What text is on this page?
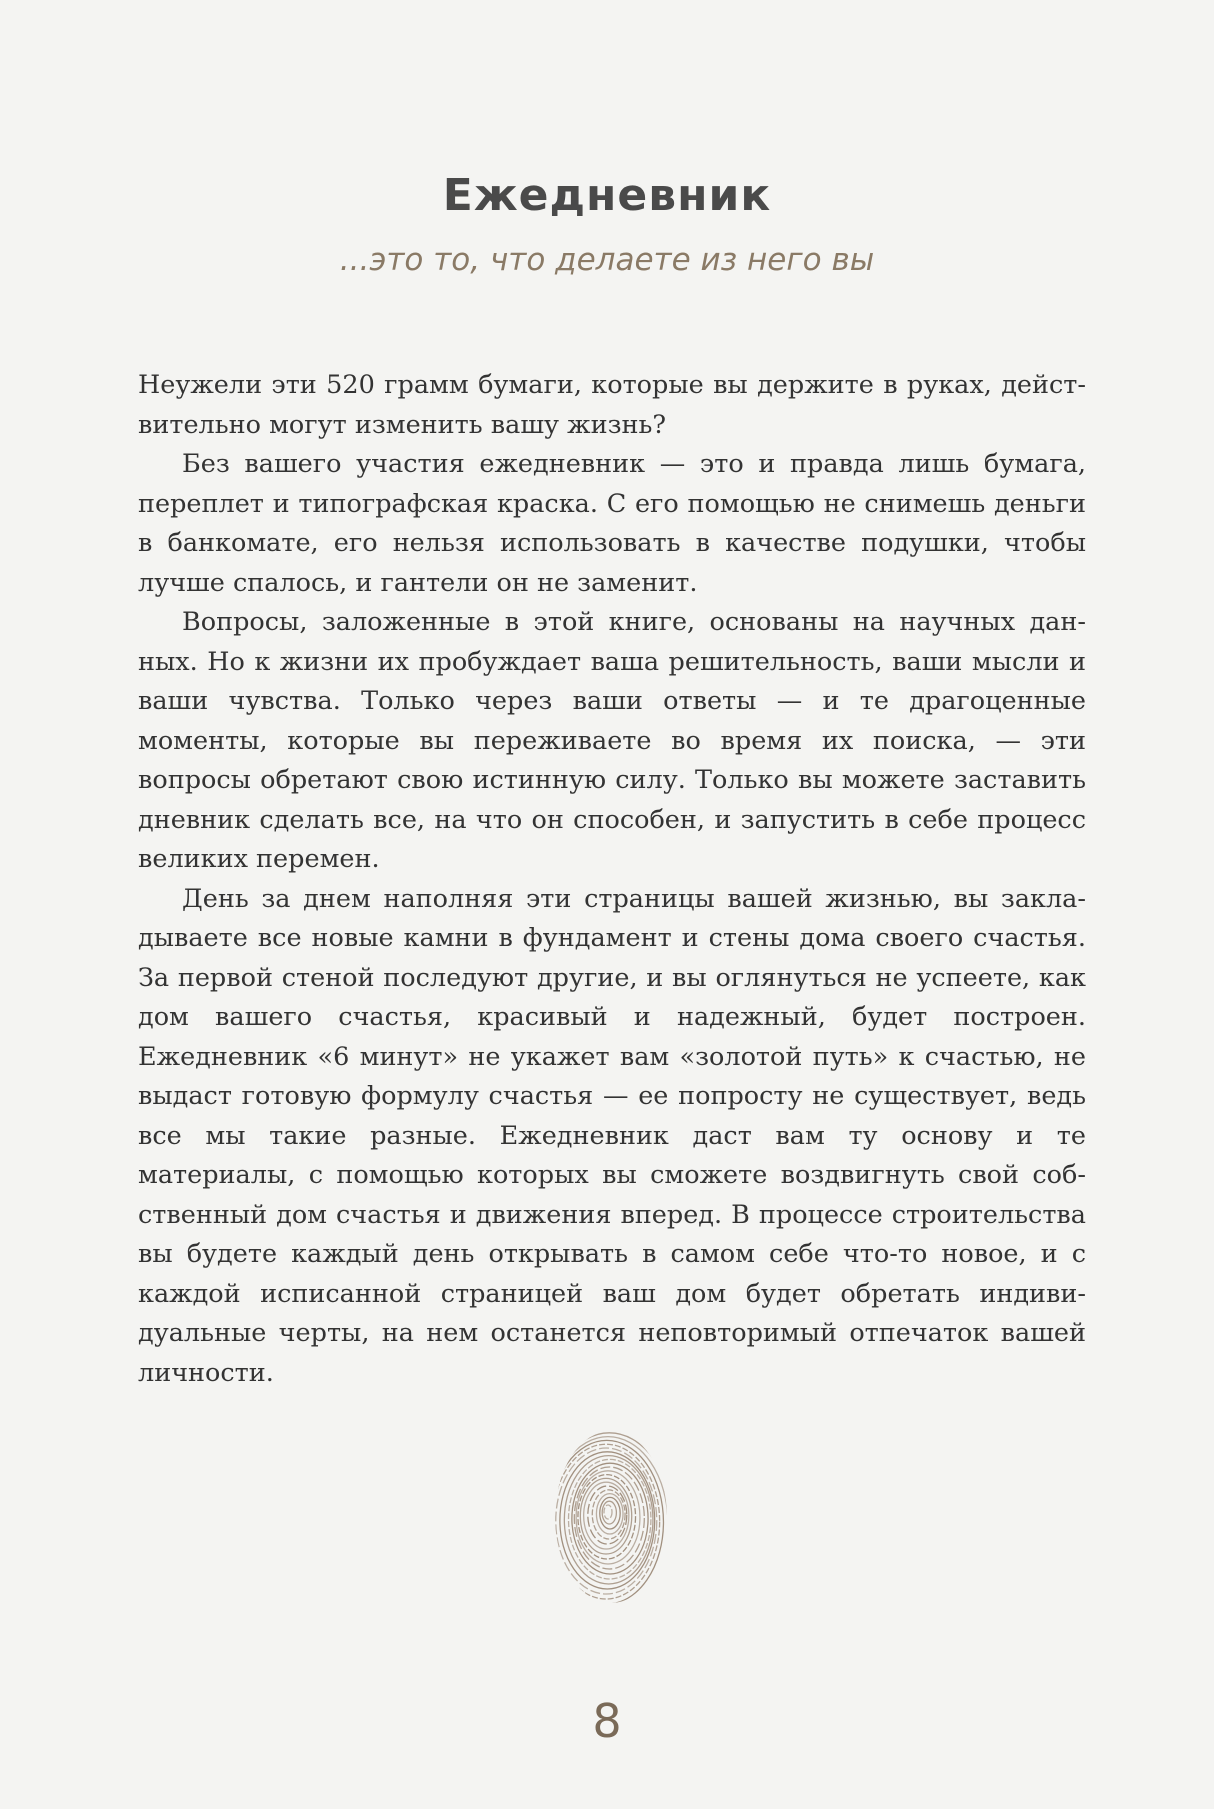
Ежедневник
...это то, что делаете из него вы

Неужели эти 520 грамм бумаги, которые вы держите в руках, действительно могут изменить вашу жизнь?

Без вашего участия ежедневник — это и правда лишь бумага, переплет и типографская краска. С его помощью не снимешь деньги в банкомате, его нельзя использовать в качестве подушки, чтобы лучше спалось, и гантели он не заменит.

Вопросы, заложенные в этой книге, основаны на научных данных. Но к жизни их пробуждает ваша решительность, ваши мысли и ваши чувства. Только через ваши ответы — и те драгоценные моменты, которые вы переживаете во время их поиска, — эти вопросы обретают свою истинную силу. Только вы можете заставить дневник сделать все, на что он способен, и запустить в себе процесс великих перемен.

День за днем наполняя эти страницы вашей жизнью, вы закладываете все новые камни в фундамент и стены дома своего счастья. За первой стеной последуют другие, и вы оглянуться не успеете, как дом вашего счастья, красивый и надежный, будет построен. Ежедневник «6 минут» не укажет вам «золотой путь» к счастью, не выдаст готовую формулу счастья — ее попросту не существует, ведь все мы такие разные. Ежедневник даст вам ту основу и те материалы, с помощью которых вы сможете воздвигнуть свой собственный дом счастья и движения вперед. В процессе строительства вы будете каждый день открывать в самом себе что-то новое, и с каждой исписанной страницей ваш дом будет обретать индивидуальные черты, на нем останется неповторимый отпечаток вашей личности.

8
